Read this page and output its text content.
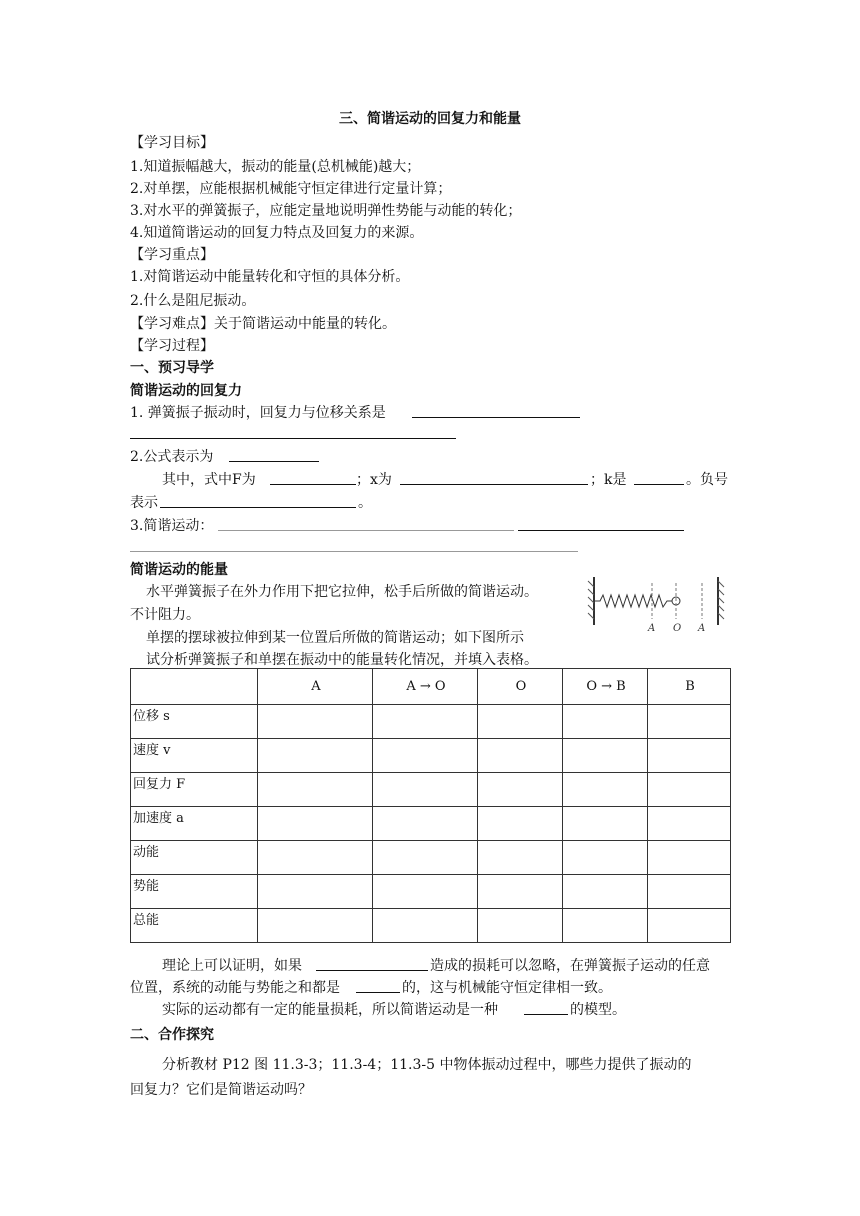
三、简谐运动的回复力和能量
【学习目标】
1.知道振幅越大，振动的能量(总机械能)越大；
2.对单摆，应能根据机械能守恒定律进行定量计算；
3.对水平的弹簧振子，应能定量地说明弹性势能与动能的转化；
4.知道简谐运动的回复力特点及回复力的来源。
【学习重点】
1.对简谐运动中能量转化和守恒的具体分析。
2.什么是阻尼振动。
【学习难点】关于简谐运动中能量的转化。
【学习过程】
一、预习导学
简谐运动的回复力
1. 弹簧振子振动时，回复力与位移关系是
2.公式表示为
其中，式中F为	；x为	；k是	。负号
表示	。
3.简谐运动：
简谐运动的能量
水平弹簧振子在外力作用下把它拉伸，松手后所做的简谐运动。
不计阻力。
单摆的摆球被拉伸到某一位置后所做的简谐运动；如下图所示
试分析弹簧振子和单摆在振动中的能量转化情况，并填入表格。
A O A
	A	A → O	O	O → B	B
位移 s					
速度 v					
回复力 F					
加速度 a					
动能					
势能					
总能					
理论上可以证明，如果	造成的损耗可以忽略，在弹簧振子运动的任意
位置，系统的动能与势能之和都是	的，这与机械能守恒定律相一致。
实际的运动都有一定的能量损耗，所以简谐运动是一种	的模型。
二、合作探究
分析教材 P12 图 11.3-3；11.3-4；11.3-5 中物体振动过程中，哪些力提供了振动的
回复力？它们是简谐运动吗？
